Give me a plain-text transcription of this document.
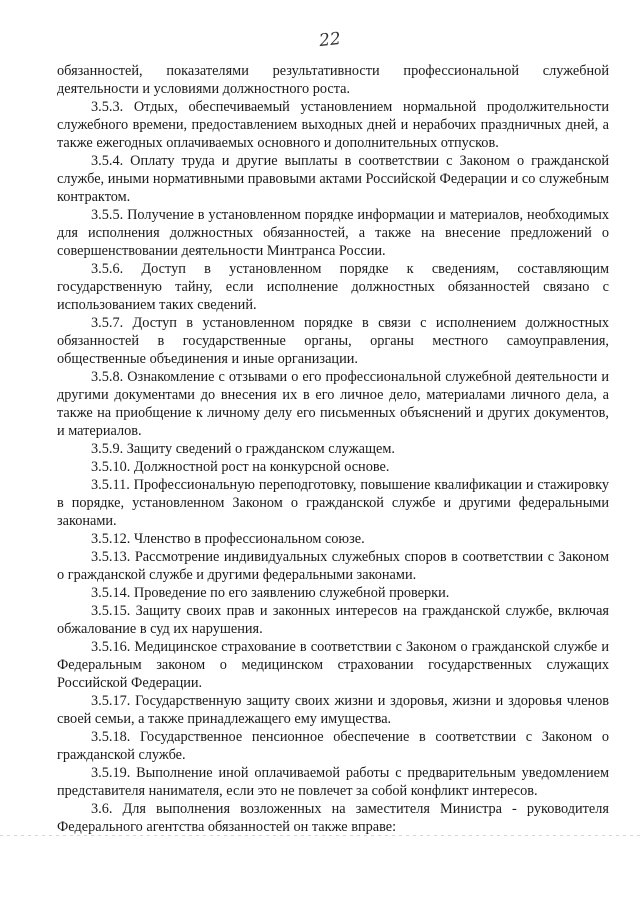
22

обязанностей, показателями результативности профессиональной служебной деятельности и условиями должностного роста.

3.5.3. Отдых, обеспечиваемый установлением нормальной продолжительности служебного времени, предоставлением выходных дней и нерабочих праздничных дней, а также ежегодных оплачиваемых основного и дополнительных отпусков.

3.5.4. Оплату труда и другие выплаты в соответствии с Законом о гражданской службе, иными нормативными правовыми актами Российской Федерации и со служебным контрактом.

3.5.5. Получение в установленном порядке информации и материалов, необходимых для исполнения должностных обязанностей, а также на внесение предложений о совершенствовании деятельности Минтранса России.

3.5.6. Доступ в установленном порядке к сведениям, составляющим государственную тайну, если исполнение должностных обязанностей связано с использованием таких сведений.

3.5.7. Доступ в установленном порядке в связи с исполнением должностных обязанностей в государственные органы, органы местного самоуправления, общественные объединения и иные организации.

3.5.8. Ознакомление с отзывами о его профессиональной служебной деятельности и другими документами до внесения их в его личное дело, материалами личного дела, а также на приобщение к личному делу его письменных объяснений и других документов, и материалов.

3.5.9. Защиту сведений о гражданском служащем.

3.5.10. Должностной рост на конкурсной основе.

3.5.11. Профессиональную переподготовку, повышение квалификации и стажировку в порядке, установленном Законом о гражданской службе и другими федеральными законами.

3.5.12. Членство в профессиональном союзе.

3.5.13. Рассмотрение индивидуальных служебных споров в соответствии с Законом о гражданской службе и другими федеральными законами.

3.5.14. Проведение по его заявлению служебной проверки.

3.5.15. Защиту своих прав и законных интересов на гражданской службе, включая обжалование в суд их нарушения.

3.5.16. Медицинское страхование в соответствии с Законом о гражданской службе и Федеральным законом о медицинском страховании государственных служащих Российской Федерации.

3.5.17. Государственную защиту своих жизни и здоровья, жизни и здоровья членов своей семьи, а также принадлежащего ему имущества.

3.5.18. Государственное пенсионное обеспечение в соответствии с Законом о гражданской службе.

3.5.19. Выполнение иной оплачиваемой работы с предварительным уведомлением представителя нанимателя, если это не повлечет за собой конфликт интересов.

3.6. Для выполнения возложенных на заместителя Министра - руководителя Федерального агентства обязанностей он также вправе:
